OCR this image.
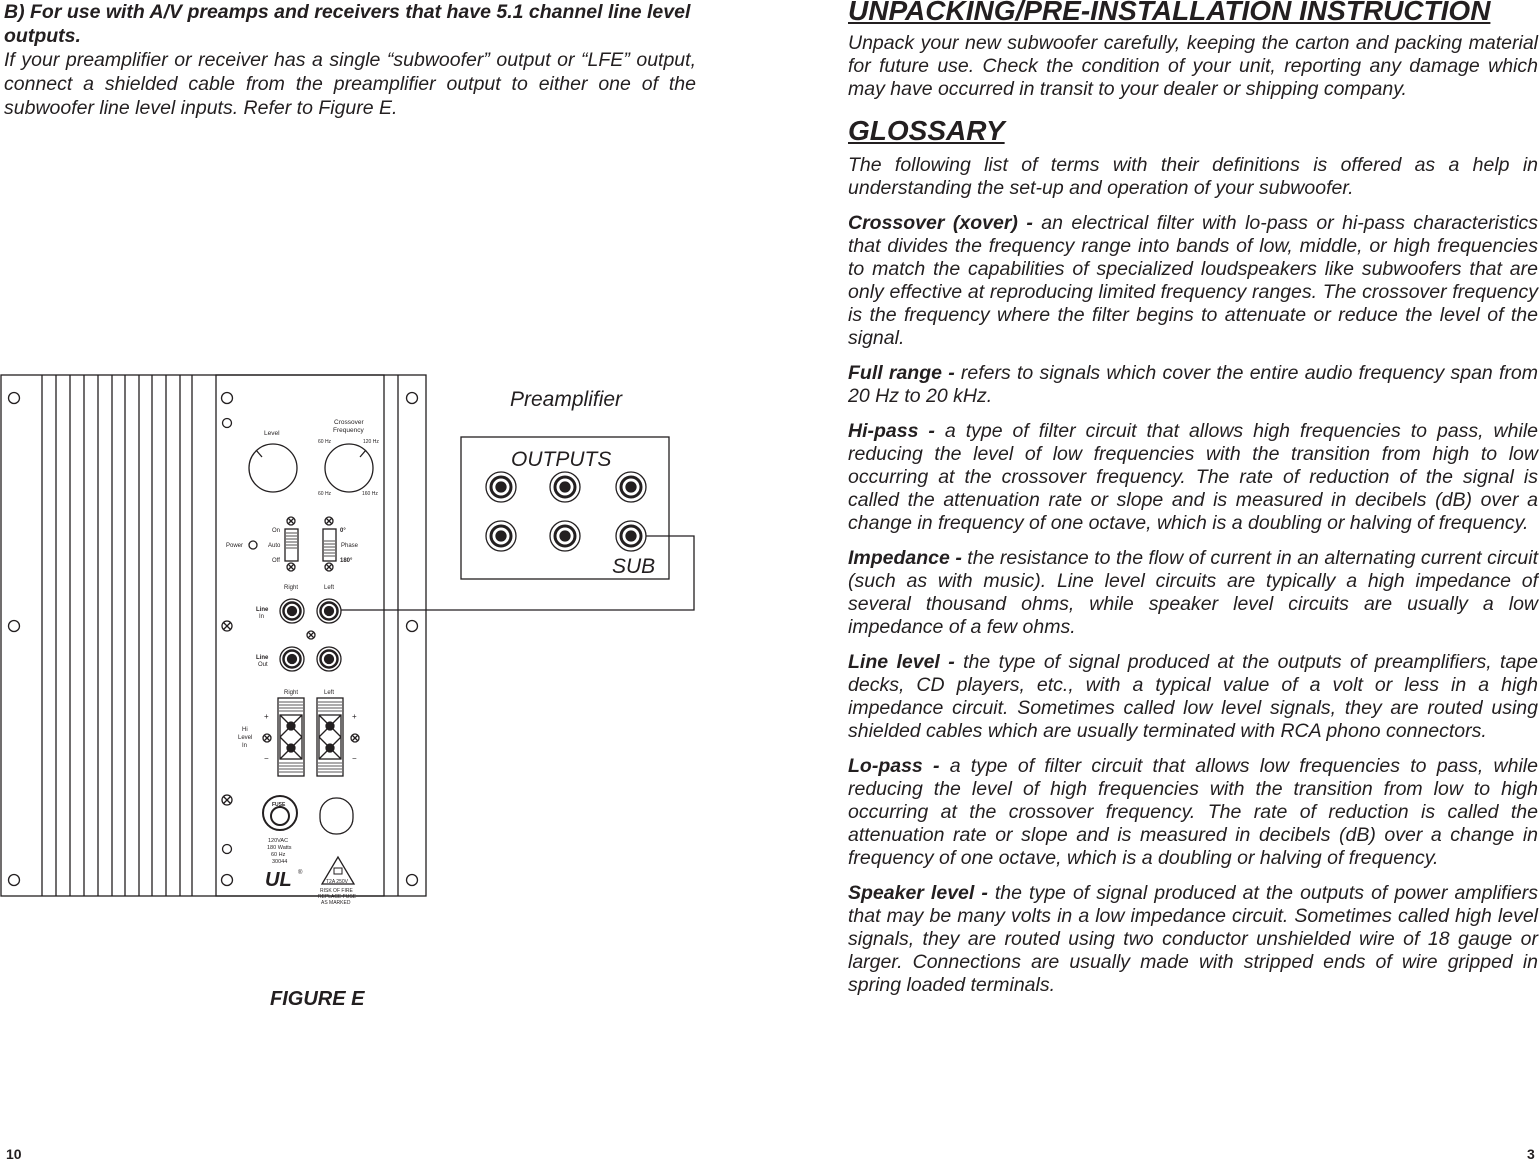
B) For use with A/V preamps and receivers that have 5.1 channel line level outputs.

If your preamplifier or receiver has a single “subwoofer” output or “LFE” output, connect a shielded cable from the preamplifier output to either one of the subwoofer line level inputs. Refer to Figure E.

Preamplifier
OUTPUTS
SUB
Level
Crossover
Frequency
60 Hz	120 Hz
60 Hz	160 Hz
On
Auto
Off
Power
0°
Phase
180°
Right	Left
Line
In
Line
Out
Right	Left
Hi
Level
In
+	+
−	−
FUSE
120VAC
180 Watts
60 Hz
30044
UL ®
T2A 250V
RISK OF FIRE
REPLACE FUSE
AS MARKED
FIGURE E
10
UNPACKING/PRE-INSTALLATION INSTRUCTION

Unpack your new subwoofer carefully, keeping the carton and packing material for future use. Check the condition of your unit, reporting any damage which may have occurred in transit to your dealer or shipping company.

GLOSSARY

The following list of terms with their definitions is offered as a help in understanding the set-up and operation of your subwoofer.

Crossover (xover) - an electrical filter with lo-pass or hi-pass characteristics that divides the frequency range into bands of low, middle, or high frequencies to match the capabilities of specialized loudspeakers like subwoofers that are only effective at reproducing limited frequency ranges. The crossover frequency is the frequency where the filter begins to attenuate or reduce the level of the signal.

Full range - refers to signals which cover the entire audio frequency span from 20 Hz to 20 kHz.

Hi-pass - a type of filter circuit that allows high frequencies to pass, while reducing the level of low frequencies with the transition from high to low occurring at the crossover frequency. The rate of reduction of the signal is called the attenuation rate or slope and is measured in decibels (dB) over a change in frequency of one octave, which is a doubling or halving of frequency.

Impedance - the resistance to the flow of current in an alternating current circuit (such as with music). Line level circuits are typically a high impedance of several thousand ohms, while speaker level circuits are usually a low impedance of a few ohms.

Line level - the type of signal produced at the outputs of preamplifiers, tape decks, CD players, etc., with a typical value of a volt or less in a high impedance circuit. Sometimes called low level signals, they are routed using shielded cables which are usually terminated with RCA phono connectors.

Lo-pass - a type of filter circuit that allows low frequencies to pass, while reducing the level of high frequencies with the transition from low to high occurring at the crossover frequency. The rate of reduction is called the attenuation rate or slope and is measured in decibels (dB) over a change in frequency of one octave, which is a doubling or halving of frequency.

Speaker level - the type of signal produced at the outputs of power amplifiers that may be many volts in a low impedance circuit. Sometimes called high level signals, they are routed using two conductor unshielded wire of 18 gauge or larger. Connections are usually made with stripped ends of wire gripped in spring loaded terminals.

3
